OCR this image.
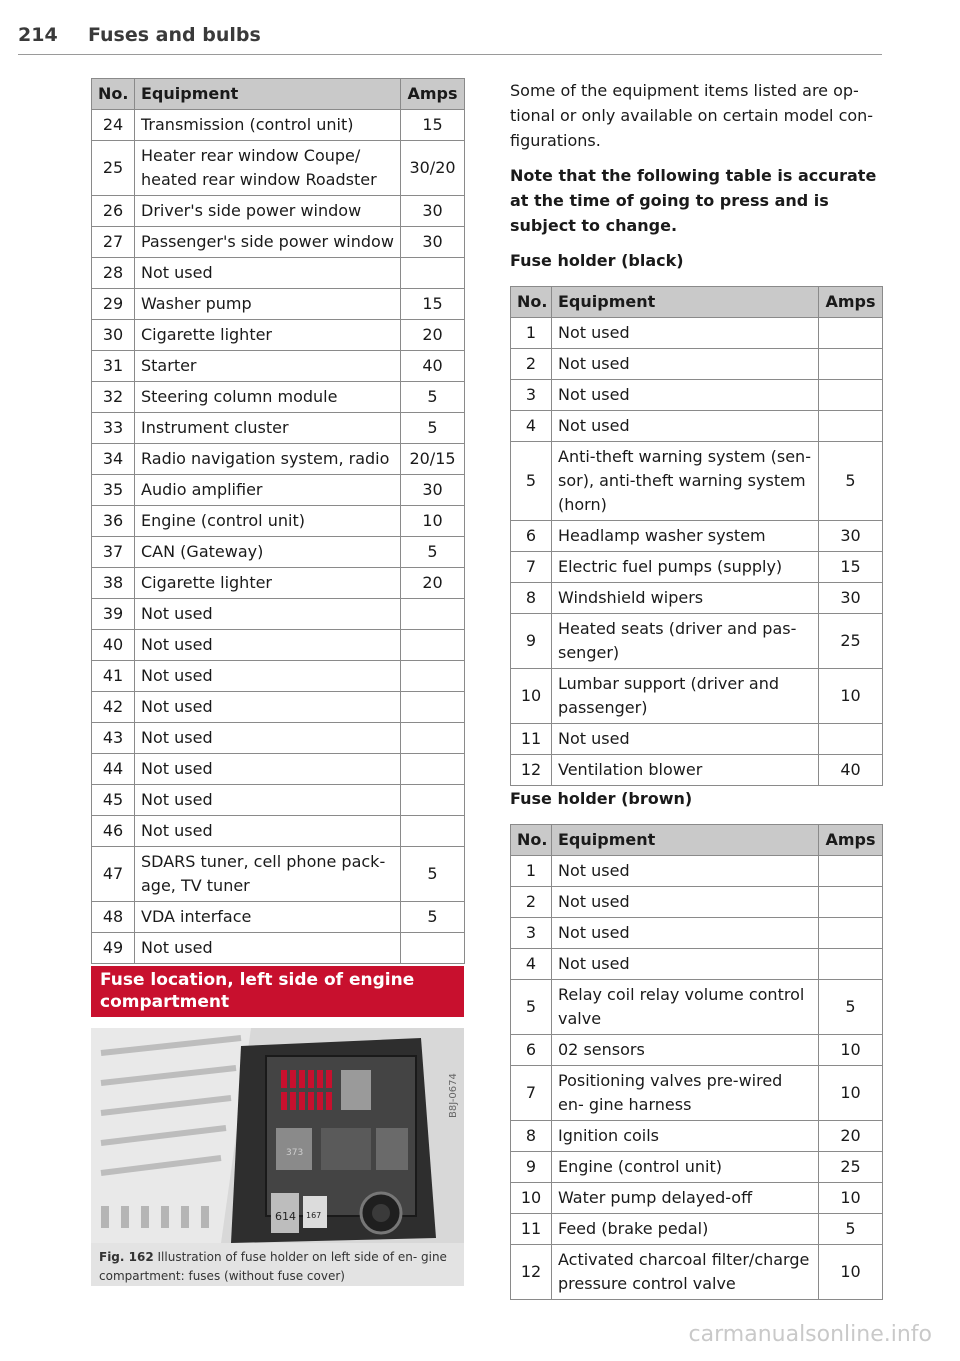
214 Fuses and bulbs
No.	Equipment	Amps
24	Transmission (control unit)	15
25	Heater rear window Coupe/ heated rear window Roadster	30/20
26	Driver's side power window	30
27	Passenger's side power window	30
28	Not used	
29	Washer pump	15
30	Cigarette lighter	20
31	Starter	40
32	Steering column module	5
33	Instrument cluster	5
34	Radio navigation system, radio	20/15
35	Audio amplifier	30
36	Engine (control unit)	10
37	CAN (Gateway)	5
38	Cigarette lighter	20
39	Not used	
40	Not used	
41	Not used	
42	Not used	
43	Not used	
44	Not used	
45	Not used	
46	Not used	
47	SDARS tuner, cell phone pack- age, TV tuner	5
48	VDA interface	5
49	Not used	
Fuse location, left side of engine compartment
373
614 167
B8J-0674
Fig. 162 Illustration of fuse holder on left side of en- gine compartment: fuses (without fuse cover)

Some of the equipment items listed are op- tional or only available on certain model con- figurations.

Note that the following table is accurate at the time of going to press and is subject to change.

Fuse holder (black)

No.	Equipment	Amps
1	Not used	
2	Not used	
3	Not used	
4	Not used	
5	Anti-theft warning system (sen- sor), anti-theft warning system (horn)	5
6	Headlamp washer system	30
7	Electric fuel pumps (supply)	15
8	Windshield wipers	30
9	Heated seats (driver and pas- senger)	25
10	Lumbar support (driver and passenger)	10
11	Not used	
12	Ventilation blower	40

Fuse holder (brown)

No.	Equipment	Amps
1	Not used	
2	Not used	
3	Not used	
4	Not used	
5	Relay coil relay volume control valve	5
6	02 sensors	10
7	Positioning valves pre-wired en- gine harness	10
8	Ignition coils	20
9	Engine (control unit)	25
10	Water pump delayed-off	10
11	Feed (brake pedal)	5
12	Activated charcoal filter/charge pressure control valve	10
carmanualsonline.info
